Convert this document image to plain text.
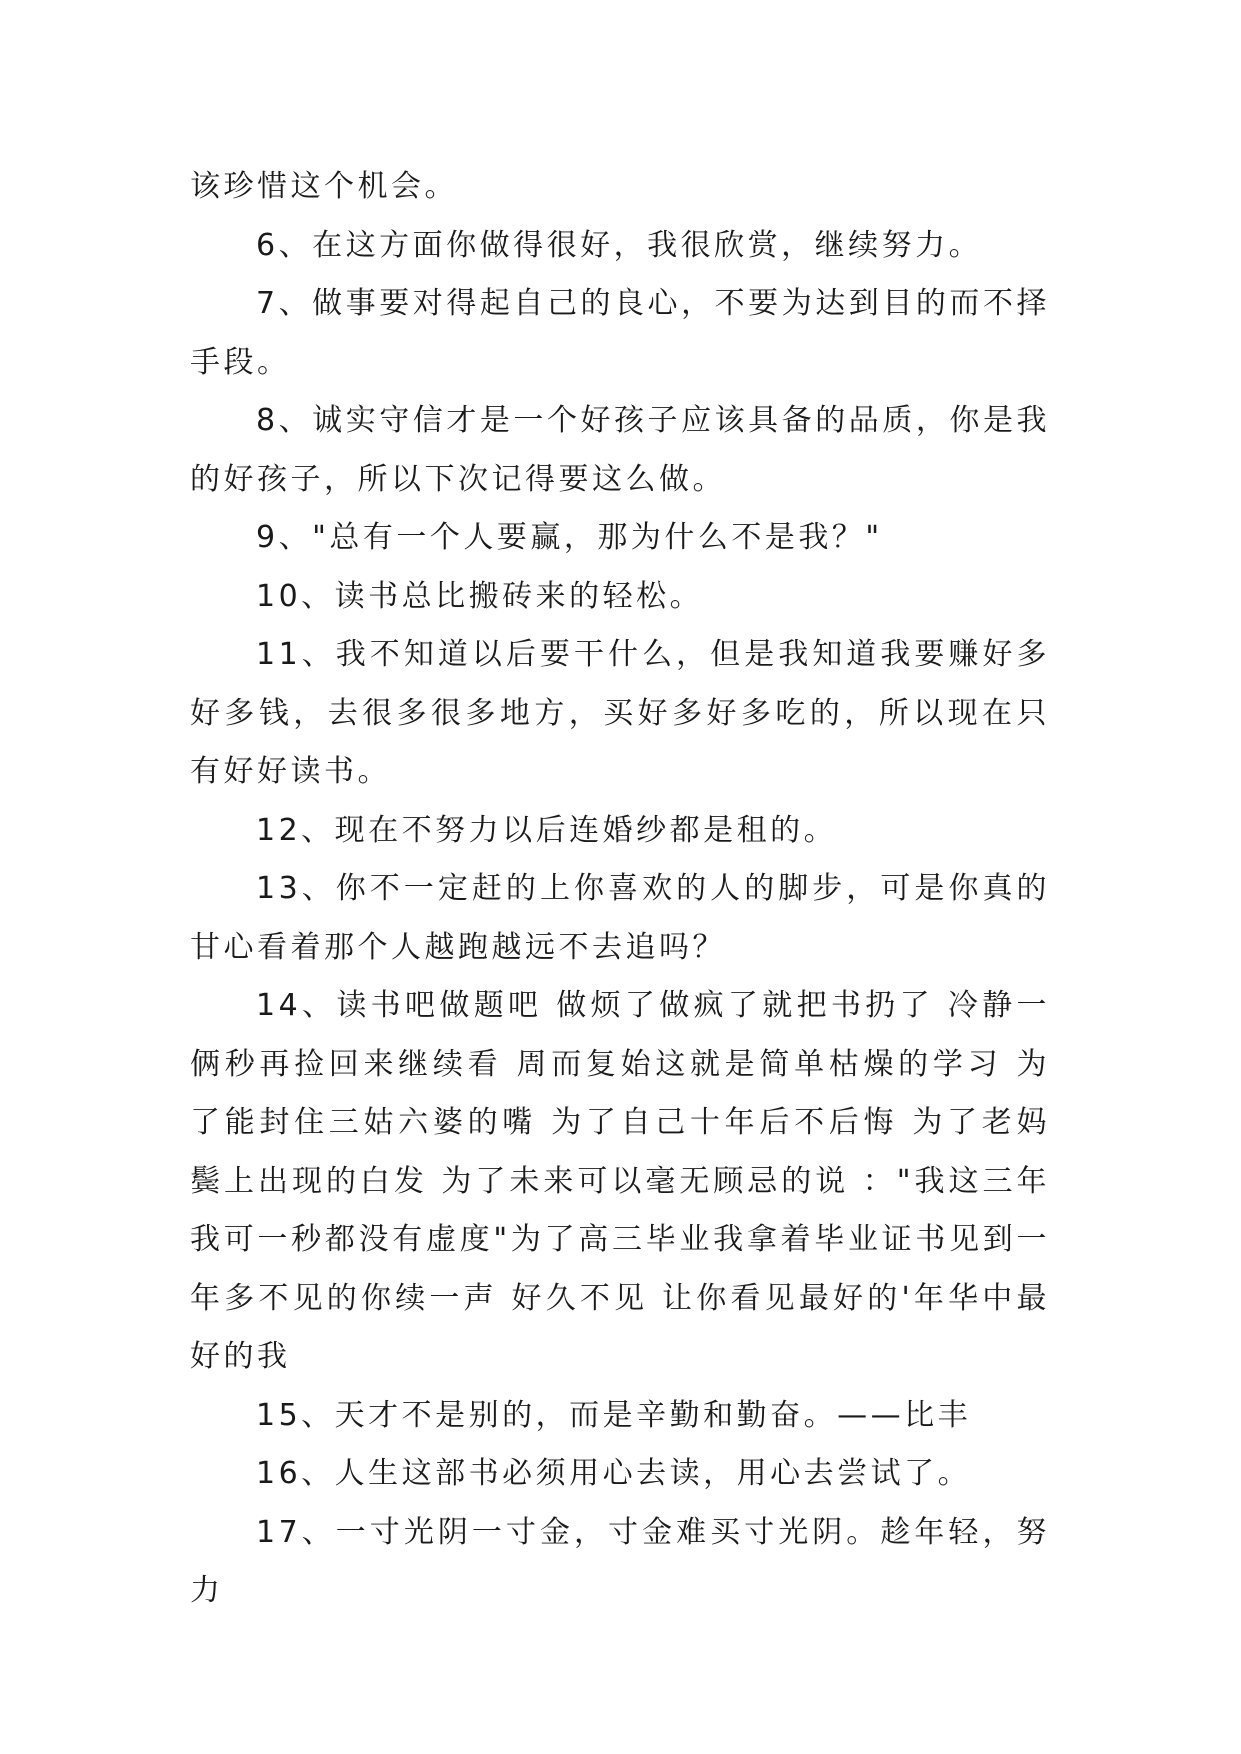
该珍惜这个机会。

6、在这方面你做得很好，我很欣赏，继续努力。

7、做事要对得起自己的良心，不要为达到目的而不择手段。

8、诚实守信才是一个好孩子应该具备的品质，你是我的好孩子，所以下次记得要这么做。

9、"总有一个人要赢，那为什么不是我？"

10、读书总比搬砖来的轻松。

11、我不知道以后要干什么，但是我知道我要赚好多好多钱，去很多很多地方，买好多好多吃的，所以现在只有好好读书。

12、现在不努力以后连婚纱都是租的。

13、你不一定赶的上你喜欢的人的脚步，可是你真的甘心看着那个人越跑越远不去追吗？

14、读书吧做题吧 做烦了做疯了就把书扔了 冷静一俩秒再捡回来继续看 周而复始这就是简单枯燥的学习 为了能封住三姑六婆的嘴 为了自己十年后不后悔 为了老妈鬓上出现的白发 为了未来可以毫无顾忌的说 ："我这三年我可一秒都没有虚度"为了高三毕业我拿着毕业证书见到一年多不见的你续一声 好久不见 让你看见最好的'年华中最好的我

15、天才不是别的，而是辛勤和勤奋。——比丰

16、人生这部书必须用心去读，用心去尝试了。

17、一寸光阴一寸金，寸金难买寸光阴。趁年轻，努力
